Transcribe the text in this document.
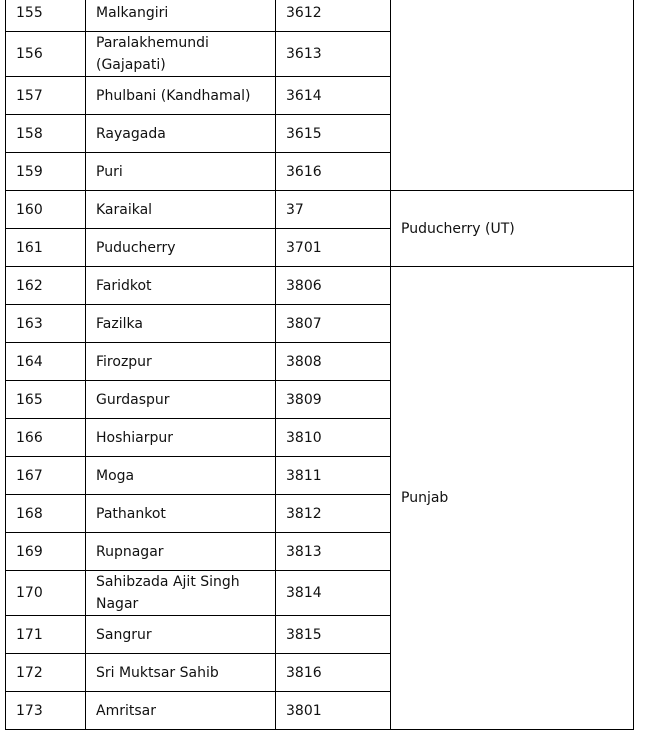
155	Malkangiri	3612	
156	Paralakhemundi (Gajapati)	3613	
157	Phulbani (Kandhamal)	3614	
158	Rayagada	3615	
159	Puri	3616	
160	Karaikal	37	Puducherry (UT)
161	Puducherry	3701	
162	Faridkot	3806	Punjab
163	Fazilka	3807	
164	Firozpur	3808	
165	Gurdaspur	3809	
166	Hoshiarpur	3810	
167	Moga	3811	
168	Pathankot	3812	
169	Rupnagar	3813	
170	Sahibzada Ajit Singh Nagar	3814	
171	Sangrur	3815	
172	Sri Muktsar Sahib	3816	
173	Amritsar	3801	
